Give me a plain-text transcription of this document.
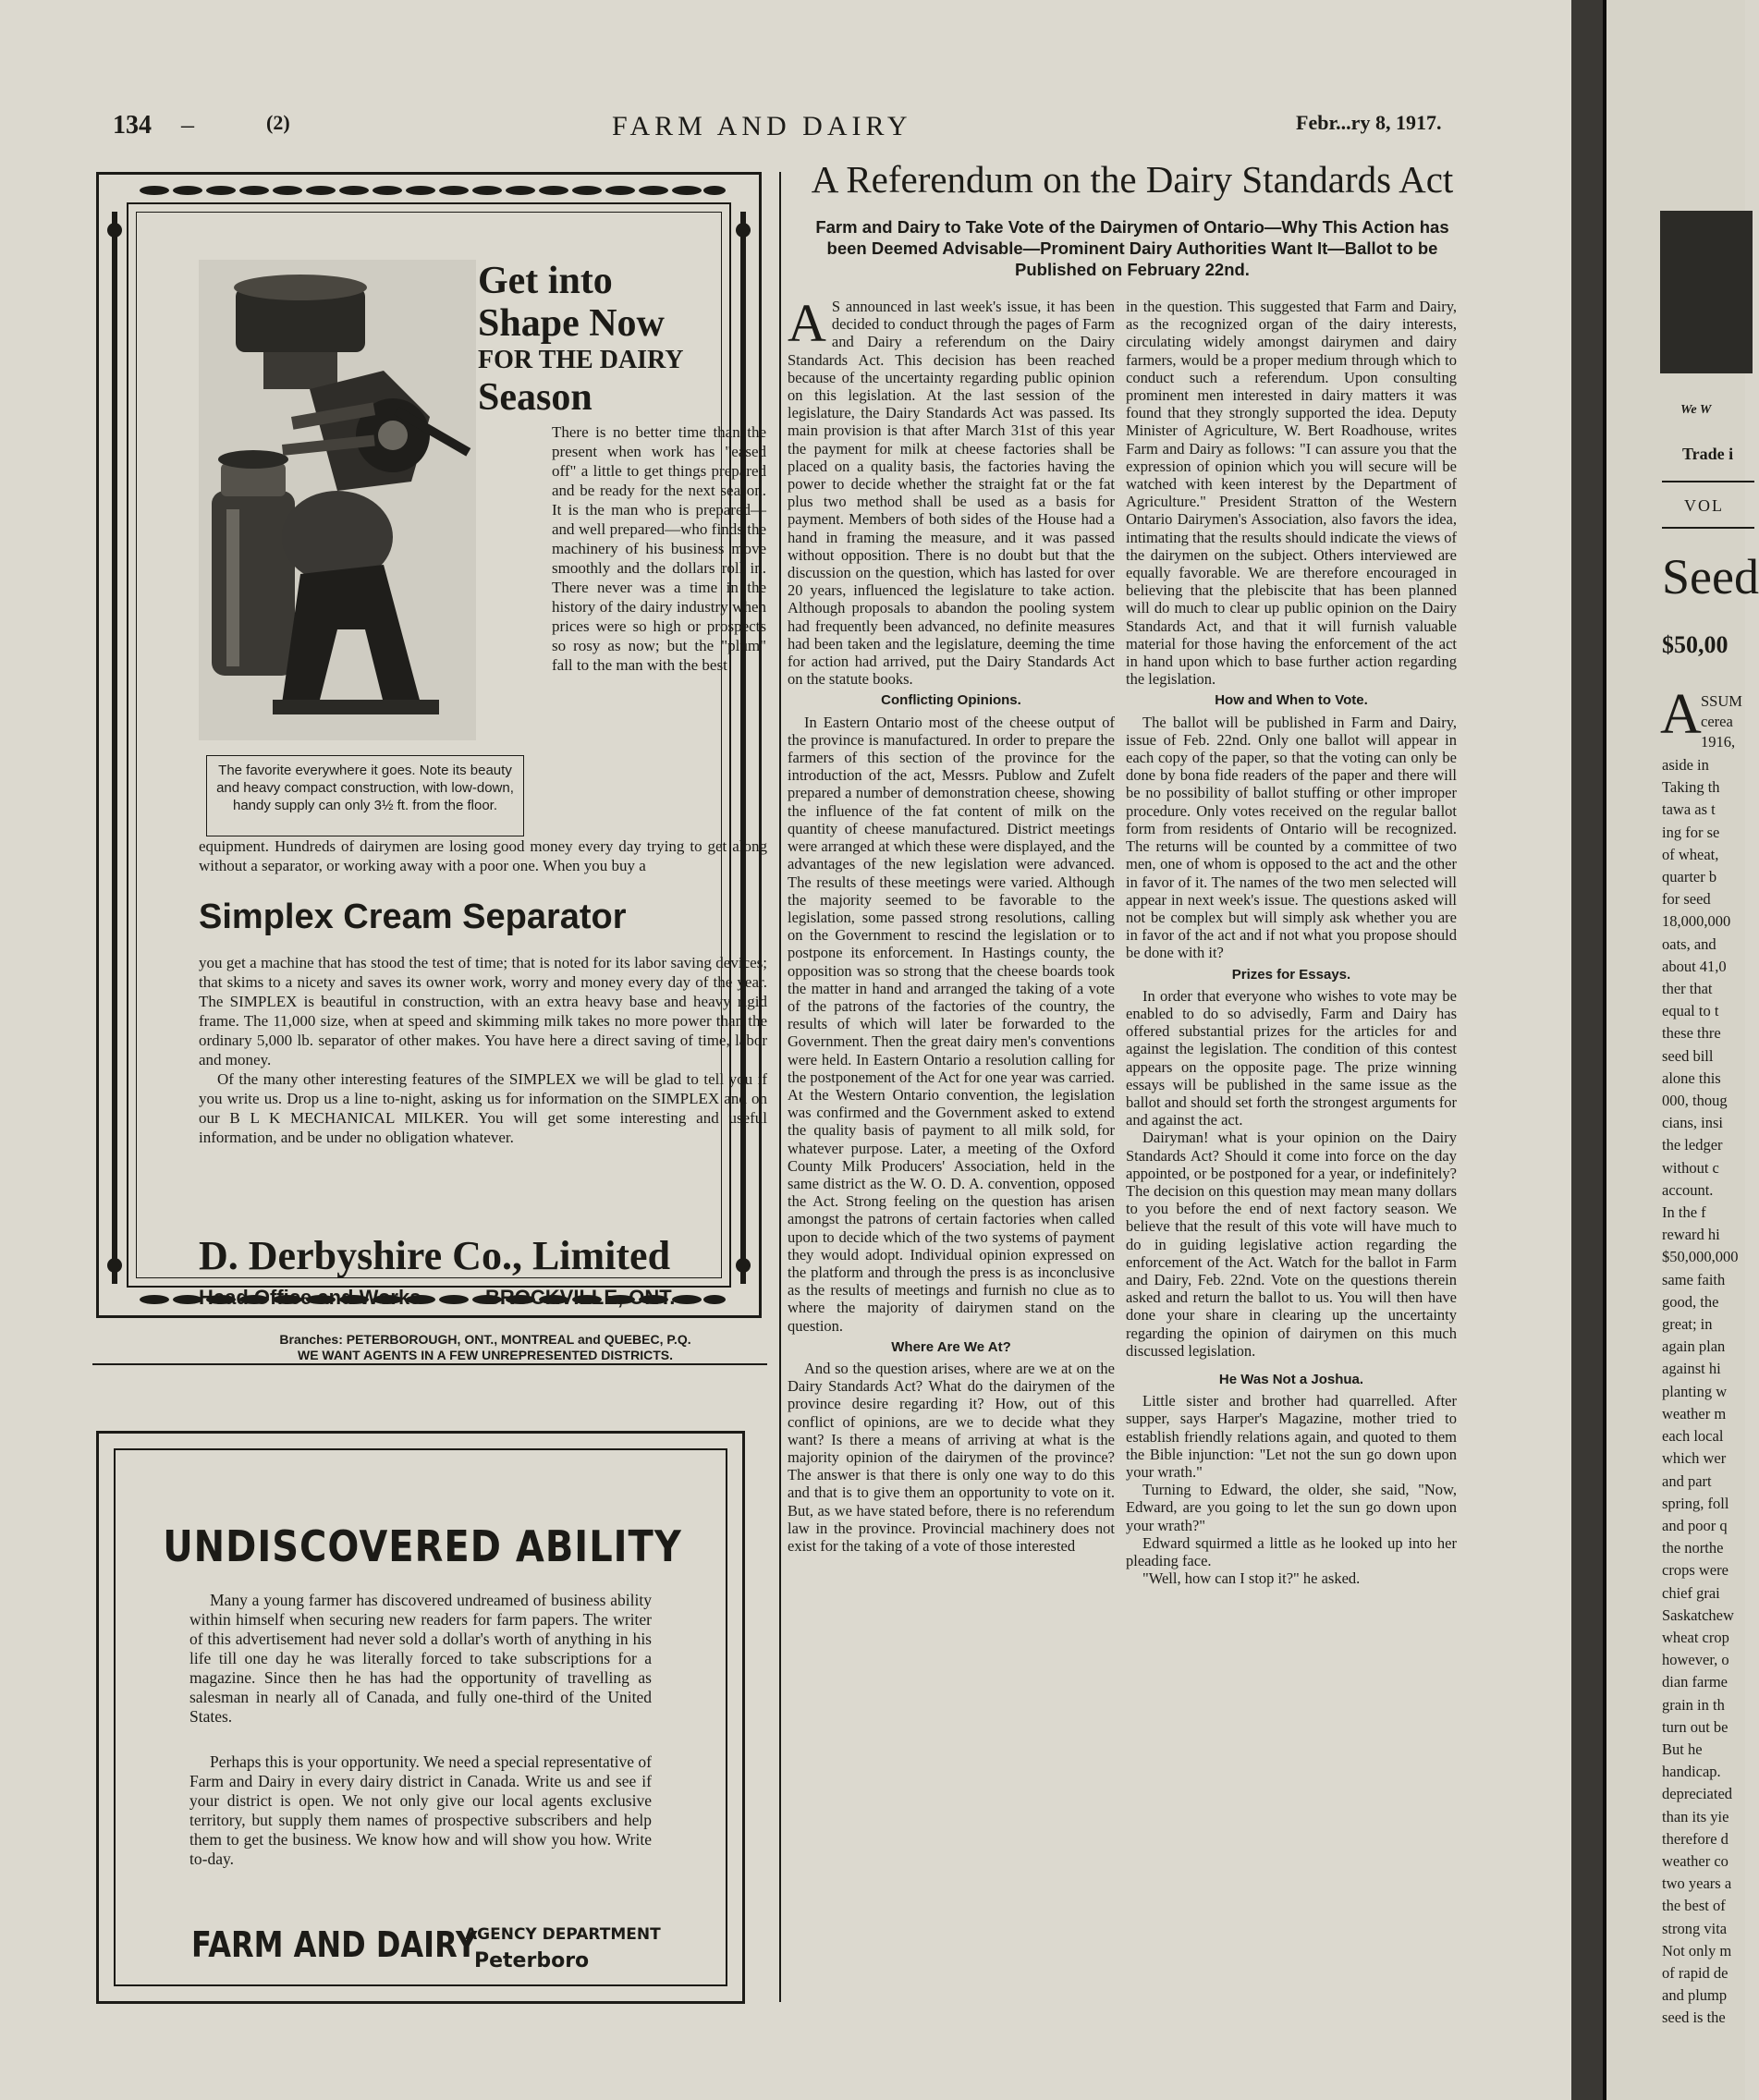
134 –	(2)	FARM AND DAIRY	Febr...ry 8, 1917.
Get into
Shape Now
FOR THE DAIRY
Season
There is no better time than the present when work has "eased off" a little to get things prepared and be ready for the next season. It is the man who is prepared—and well prepared—who finds the machinery of his business move smoothly and the dollars roll in. There never was a time in the history of the dairy industry when prices were so high or prospects so rosy as now; but the "plum" fall to the man with the best
The favorite everywhere it goes. Note its beauty and heavy compact construction, with low-down, handy supply can only 3½ ft. from the floor.
equipment. Hundreds of dairymen are losing good money every day trying to get along without a separator, or working away with a poor one. When you buy a
Simplex Cream Separator
you get a machine that has stood the test of time; that is noted for its labor saving devices; that skims to a nicety and saves its owner work, worry and money every day of the year. The SIMPLEX is beautiful in construction, with an extra heavy base and heavy rigid frame. The 11,000 size, when at speed and skimming milk takes no more power than the ordinary 5,000 lb. separator of other makes. You have here a direct saving of time, labor and money.
Of the many other interesting features of the SIMPLEX we will be glad to tell you if you write us. Drop us a line to-night, asking us for information on the SIMPLEX and on our B L K MECHANICAL MILKER. You will get some interesting and useful information, and be under no obligation whatever.
D. Derbyshire Co., Limited
Head Office and Works -	BROCKVILLE, ONT.
Branches: PETERBOROUGH, ONT., MONTREAL and QUEBEC, P.Q.
WE WANT AGENTS IN A FEW UNREPRESENTED DISTRICTS.
UNDISCOVERED ABILITY
Many a young farmer has discovered undreamed of business ability within himself when securing new readers for farm papers. The writer of this advertisement had never sold a dollar's worth of anything in his life till one day he was literally forced to take subscriptions for a magazine. Since then he has had the opportunity of travelling as salesman in nearly all of Canada, and fully one-third of the United States.
Perhaps this is your opportunity. We need a special representative of Farm and Dairy in every dairy district in Canada. Write us and see if your district is open. We not only give our local agents exclusive territory, but supply them names of prospective subscribers and help them to get the business. We know how and will show you how. Write to-day.
FARM AND DAIRY
AGENCY DEPARTMENT
Peterboro
A Referendum on the Dairy Standards Act
Farm and Dairy to Take Vote of the Dairymen of Ontario—Why This Action has been Deemed Advisable—Prominent Dairy Authorities Want It—Ballot to be Published on February 22nd.

A S announced in last week's issue, it has been decided to conduct through the pages of Farm and Dairy a referendum on the Dairy Standards Act. This decision has been reached because of the uncertainty regarding public opinion on this legislation. At the last session of the legislature, the Dairy Standards Act was passed. Its main provision is that after March 31st of this year the payment for milk at cheese factories shall be placed on a quality basis, the factories having the power to decide whether the straight fat or the fat plus two method shall be used as a basis for payment. Members of both sides of the House had a hand in framing the measure, and it was passed without opposition. There is no doubt but that the discussion on the question, which has lasted for over 20 years, influenced the legislature to take action. Although proposals to abandon the pooling system had frequently been advanced, no definite measures had been taken and the legislature, deeming the time for action had arrived, put the Dairy Standards Act on the statute books.

Conflicting Opinions.

In Eastern Ontario most of the cheese output of the province is manufactured. In order to prepare the farmers of this section of the province for the introduction of the act, Messrs. Publow and Zufelt prepared a number of demonstration cheese, showing the influence of the fat content of milk on the quantity of cheese manufactured. District meetings were arranged at which these were displayed, and the advantages of the new legislation were advanced. The results of these meetings were varied. Although the majority seemed to be favorable to the legislation, some passed strong resolutions, calling on the Government to rescind the legislation or to postpone its enforcement. In Hastings county, the opposition was so strong that the cheese boards took the matter in hand and arranged the taking of a vote of the patrons of the factories of the country, the results of which will later be forwarded to the Government. Then the great dairy men's conventions were held. In Eastern Ontario a resolution calling for the postponement of the Act for one year was carried. At the Western Ontario convention, the legislation was confirmed and the Government asked to extend the quality basis of payment to all milk sold, for whatever purpose. Later, a meeting of the Oxford County Milk Producers' Association, held in the same district as the W. O. D. A. convention, opposed the Act. Strong feeling on the question has arisen amongst the patrons of certain factories when called upon to decide which of the two systems of payment they would adopt. Individual opinion expressed on the platform and through the press is as inconclusive as the results of meetings and furnish no clue as to where the majority of dairymen stand on the question.

Where Are We At?

And so the question arises, where are we at on the Dairy Standards Act? What do the dairymen of the province desire regarding it? How, out of this conflict of opinions, are we to decide what they want? Is there a means of arriving at what is the majority opinion of the dairymen of the province? The answer is that there is only one way to do this and that is to give them an opportunity to vote on it. But, as we have stated before, there is no referendum law in the province. Provincial machinery does not exist for the taking of a vote of those interested

in the question. This suggested that Farm and Dairy, as the recognized organ of the dairy interests, circulating widely amongst dairymen and dairy farmers, would be a proper medium through which to conduct such a referendum. Upon consulting prominent men interested in dairy matters it was found that they strongly supported the idea. Deputy Minister of Agriculture, W. Bert Roadhouse, writes Farm and Dairy as follows: "I can assure you that the expression of opinion which you will secure will be watched with keen interest by the Department of Agriculture." President Stratton of the Western Ontario Dairymen's Association, also favors the idea, intimating that the results should indicate the views of the dairymen on the subject. Others interviewed are equally favorable. We are therefore encouraged in believing that the plebiscite that has been planned will do much to clear up public opinion on the Dairy Standards Act, and that it will furnish valuable material for those having the enforcement of the act in hand upon which to base further action regarding the legislation.

How and When to Vote.

The ballot will be published in Farm and Dairy, issue of Feb. 22nd. Only one ballot will appear in each copy of the paper, so that the voting can only be done by bona fide readers of the paper and there will be no possibility of ballot stuffing or other improper procedure. Only votes received on the regular ballot form from residents of Ontario will be recognized. The returns will be counted by a committee of two men, one of whom is opposed to the act and the other in favor of it. The names of the two men selected will appear in next week's issue. The questions asked will not be complex but will simply ask whether you are in favor of the act and if not what you propose should be done with it?

Prizes for Essays.

In order that everyone who wishes to vote may be enabled to do so advisedly, Farm and Dairy has offered substantial prizes for the articles for and against the legislation. The condition of this contest appears on the opposite page. The prize winning essays will be published in the same issue as the ballot and should set forth the strongest arguments for and against the act.

Dairyman! what is your opinion on the Dairy Standards Act? Should it come into force on the day appointed, or be postponed for a year, or indefinitely? The decision on this question may mean many dollars to you before the end of next factory season. We believe that the result of this vote will have much to do in guiding legislative action regarding the enforcement of the Act. Watch for the ballot in Farm and Dairy, Feb. 22nd. Vote on the questions therein asked and return the ballot to us. You will then have done your share in clearing up the uncertainty regarding the opinion of dairymen on this much discussed legislation.

He Was Not a Joshua.

Little sister and brother had quarrelled. After supper, says Harper's Magazine, mother tried to establish friendly relations again, and quoted to them the Bible injunction: "Let not the sun go down upon your wrath."

Turning to Edward, the older, she said, "Now, Edward, are you going to let the sun go down upon your wrath?"

Edward squirmed a little as he looked up into her pleading face.

"Well, how can I stop it?" he asked.

We W
Trade i
VOL
Seed
$50,00
A SSUM
cerea
1916,
aside in
Taking th
tawa as t
ing for se
of wheat,
quarter b
for seed
18,000,000
oats, and
about 41,0
ther that
equal to t
these thre
seed bill
alone this
000, thoug
cians, insi
the ledger
without c
account.
In the f
reward hi
$50,000,000
same faith
good, the
great; in
again plan
against hi
planting w
weather m
each local
which wer
and part
spring, foll
and poor q
the northe
crops were
chief grai
Saskatchew
wheat crop
however, o
dian farme
grain in th
turn out be
But he
handicap.
depreciated
than its yie
therefore d
weather co
two years a
the best of
strong vita
Not only m
of rapid de
and plump
seed is the
